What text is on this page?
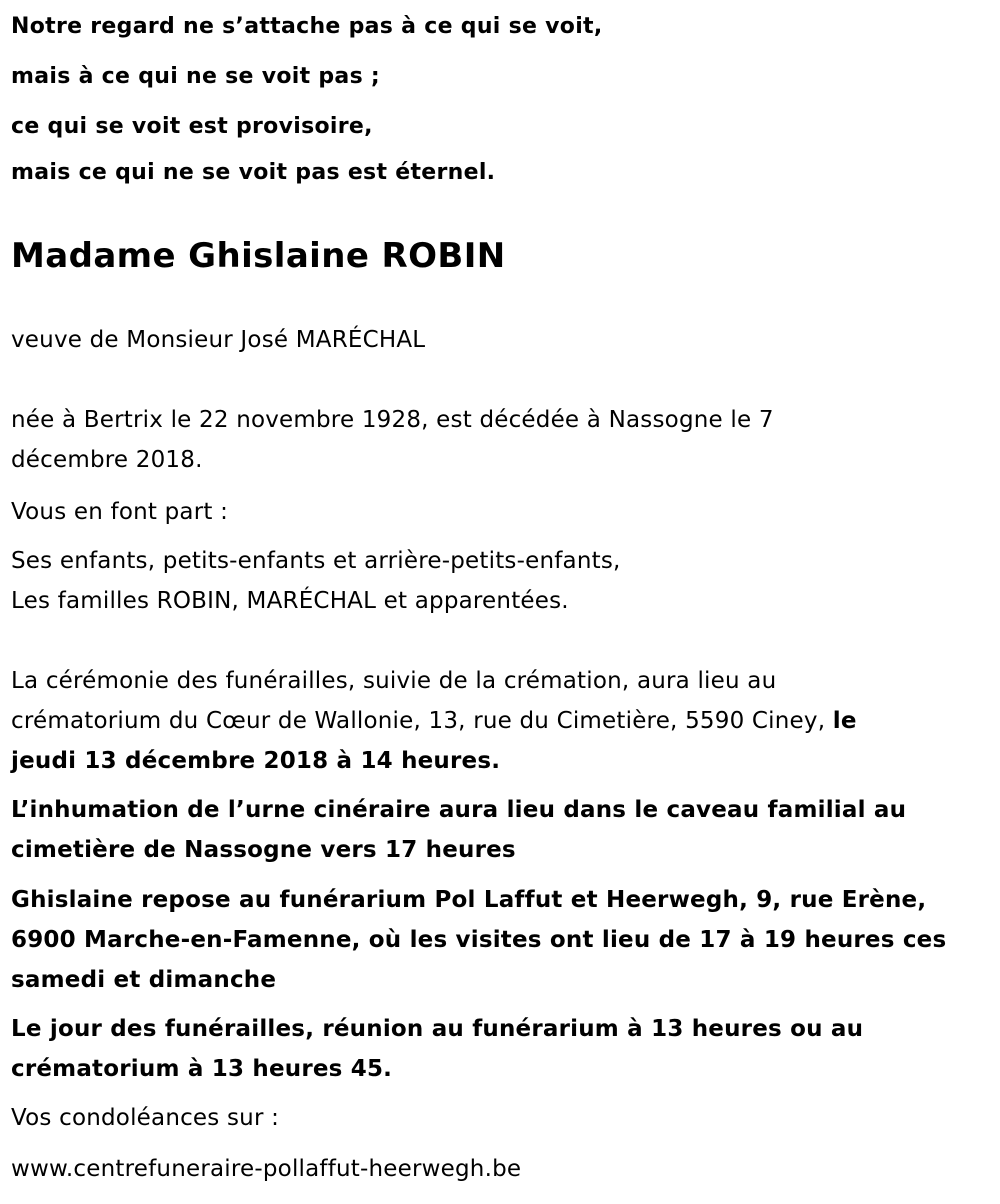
Notre regard ne s’attache pas à ce qui se voit,

mais à ce qui ne se voit pas ;

ce qui se voit est provisoire,

mais ce qui ne se voit pas est éternel.

Madame Ghislaine ROBIN

veuve de Monsieur José MARÉCHAL

née à Bertrix le 22 novembre 1928, est décédée à Nassogne le 7
décembre 2018.

Vous en font part :

Ses enfants, petits-enfants et arrière-petits-enfants,
Les familles ROBIN, MARÉCHAL et apparentées.

La cérémonie des funérailles, suivie de la crémation, aura lieu au
crématorium du Cœur de Wallonie, 13, rue du Cimetière, 5590 Ciney, le
jeudi 13 décembre 2018 à 14 heures.

L’inhumation de l’urne cinéraire aura lieu dans le caveau familial au
cimetière de Nassogne vers 17 heures

Ghislaine repose au funérarium Pol Laffut et Heerwegh, 9, rue Erène,
6900 Marche-en-Famenne, où les visites ont lieu de 17 à 19 heures ces
samedi et dimanche

Le jour des funérailles, réunion au funérarium à 13 heures ou au
crématorium à 13 heures 45.

Vos condoléances sur :

www.centrefuneraire-pollaffut-heerwegh.be
